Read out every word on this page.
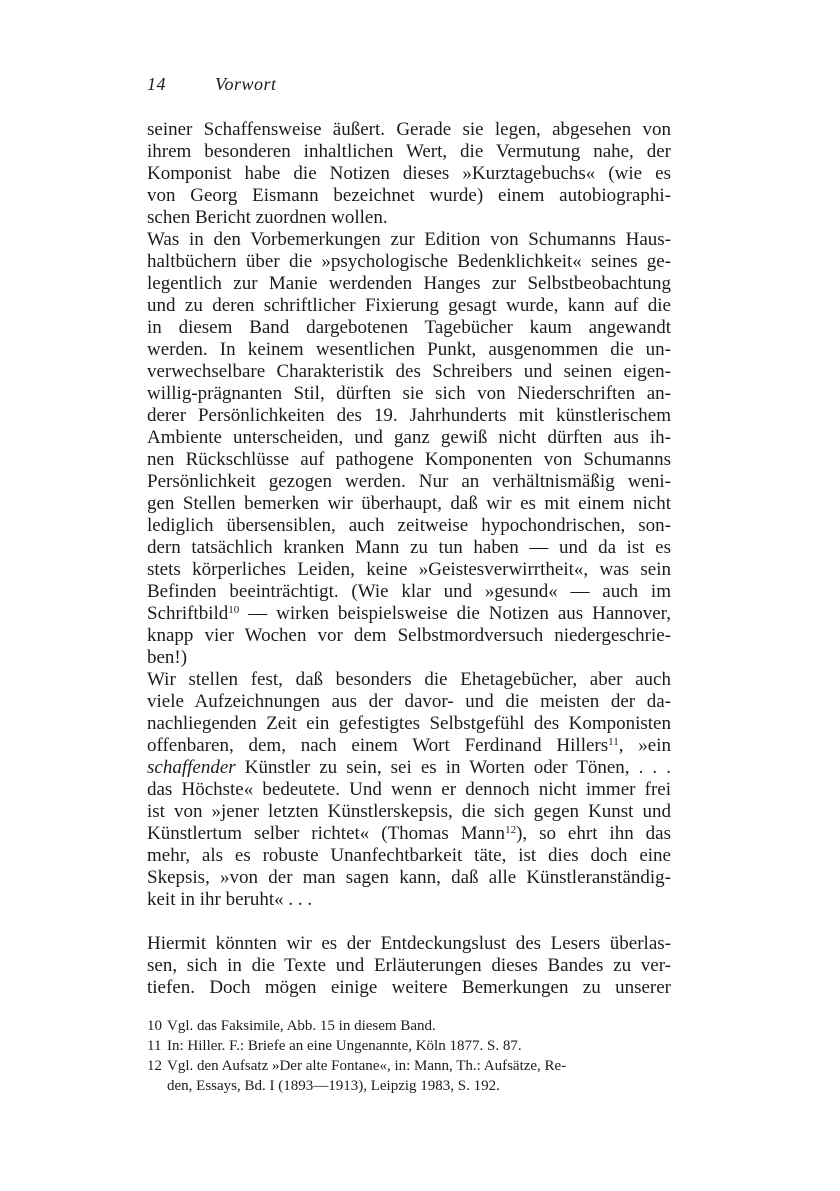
14	Vorwort
seiner Schaffensweise äußert. Gerade sie legen, abgesehen von
ihrem besonderen inhaltlichen Wert, die Vermutung nahe, der
Komponist habe die Notizen dieses »Kurztagebuchs« (wie es
von Georg Eismann bezeichnet wurde) einem autobiographi-
schen Bericht zuordnen wollen.
Was in den Vorbemerkungen zur Edition von Schumanns Haus-
haltbüchern über die »psychologische Bedenklichkeit« seines ge-
legentlich zur Manie werdenden Hanges zur Selbstbeobachtung
und zu deren schriftlicher Fixierung gesagt wurde, kann auf die
in diesem Band dargebotenen Tagebücher kaum angewandt
werden. In keinem wesentlichen Punkt, ausgenommen die un-
verwechselbare Charakteristik des Schreibers und seinen eigen-
willig-prägnanten Stil, dürften sie sich von Niederschriften an-
derer Persönlichkeiten des 19. Jahrhunderts mit künstlerischem
Ambiente unterscheiden, und ganz gewiß nicht dürften aus ih-
nen Rückschlüsse auf pathogene Komponenten von Schumanns
Persönlichkeit gezogen werden. Nur an verhältnismäßig weni-
gen Stellen bemerken wir überhaupt, daß wir es mit einem nicht
lediglich übersensiblen, auch zeitweise hypochondrischen, son-
dern tatsächlich kranken Mann zu tun haben — und da ist es
stets körperliches Leiden, keine »Geistesverwirrtheit«, was sein
Befinden beeinträchtigt. (Wie klar und »gesund« — auch im
Schriftbild$^{10}$ — wirken beispielsweise die Notizen aus Hannover,
knapp vier Wochen vor dem Selbstmordversuch niedergeschrie-
ben!)
Wir stellen fest, daß besonders die Ehetagebücher, aber auch
viele Aufzeichnungen aus der davor- und die meisten der da-
nachliegenden Zeit ein gefestigtes Selbstgefühl des Komponisten
offenbaren, dem, nach einem Wort Ferdinand Hillers$^{11}$, »ein
schaffender Künstler zu sein, sei es in Worten oder Tönen, . . .
das Höchste« bedeutete. Und wenn er dennoch nicht immer frei
ist von »jener letzten Künstlerskepsis, die sich gegen Kunst und
Künstlertum selber richtet« (Thomas Mann$^{12}$), so ehrt ihn das
mehr, als es robuste Unanfechtbarkeit täte, ist dies doch eine
Skepsis, »von der man sagen kann, daß alle Künstleranständig-
keit in ihr beruht« . . .
Hiermit könnten wir es der Entdeckungslust des Lesers überlas-
sen, sich in die Texte und Erläuterungen dieses Bandes zu ver-
tiefen. Doch mögen einige weitere Bemerkungen zu unserer
10 Vgl. das Faksimile, Abb. 15 in diesem Band.
11 In: Hiller. F.: Briefe an eine Ungenannte, Köln 1877. S. 87.
12 Vgl. den Aufsatz »Der alte Fontane«, in: Mann, Th.: Aufsätze, Re-
den, Essays, Bd. I (1893—1913), Leipzig 1983, S. 192.
